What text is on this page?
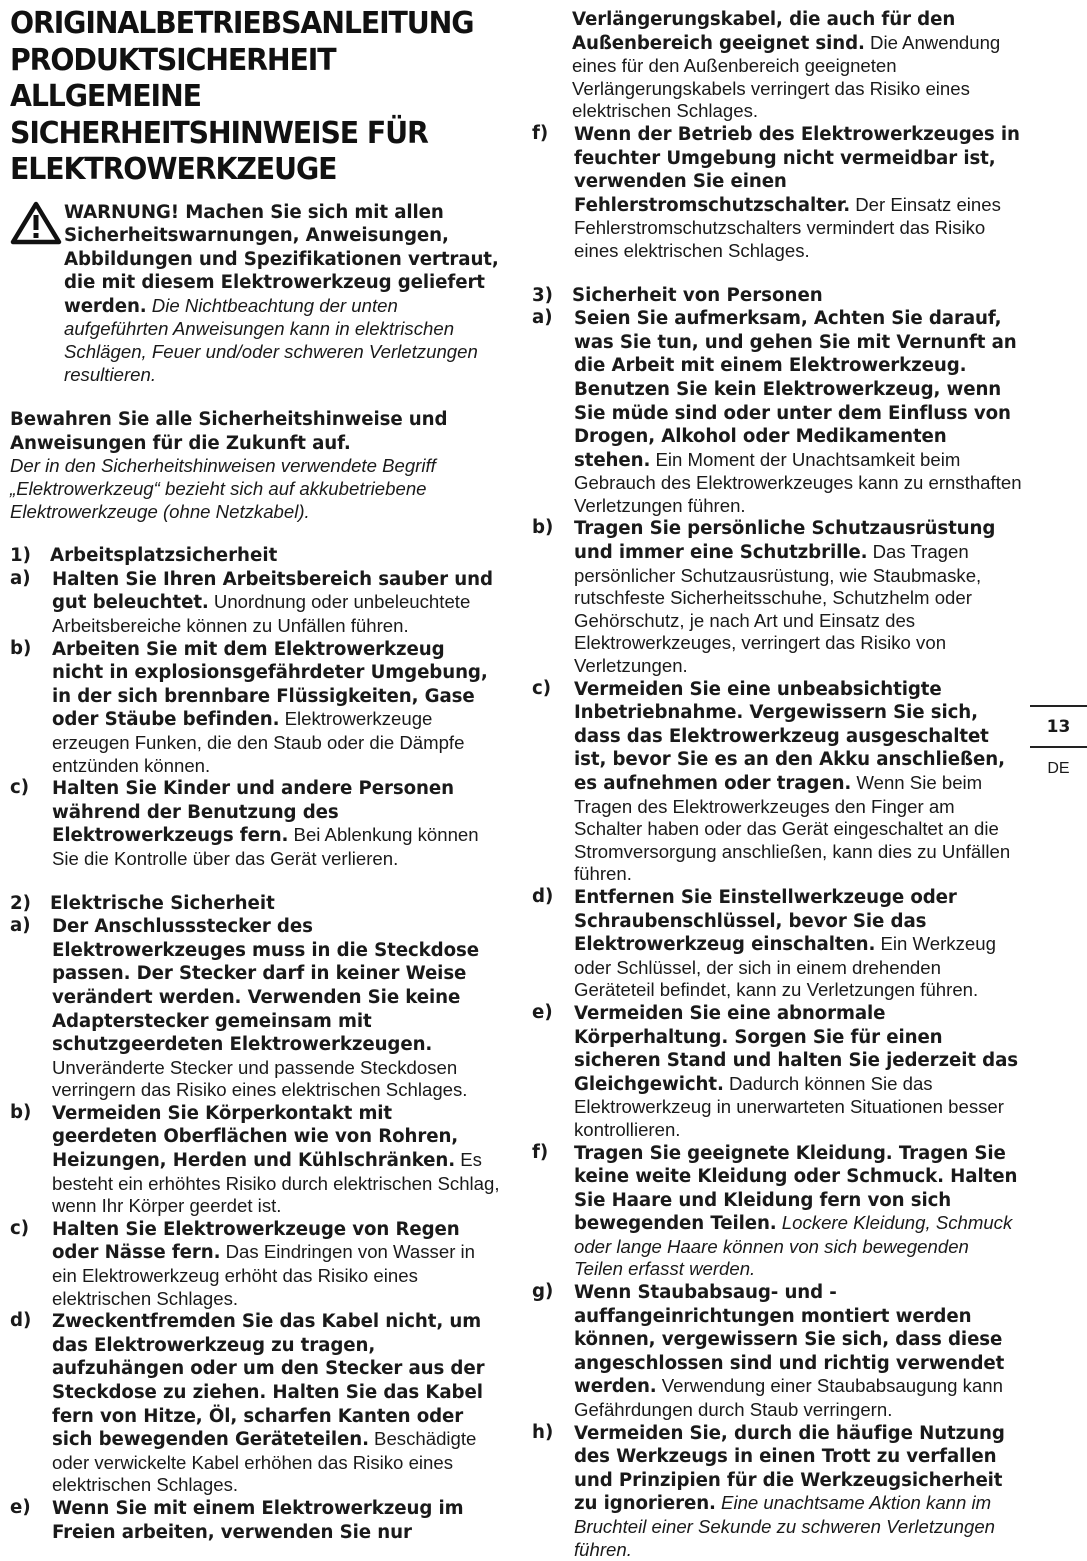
ORIGINALBETRIEBSANLEITUNG
PRODUKTSICHERHEIT
ALLGEMEINE
SICHERHEITSHINWEISE FÜR
ELEKTROWERKZEUGE

WARNUNG! Machen Sie sich mit allen Sicherheitswarnungen, Anweisungen, Abbildungen und Spezifikationen vertraut, die mit diesem Elektrowerkzeug geliefert werden. Die Nichtbeachtung der unten aufgeführten Anweisungen kann in elektrischen Schlägen, Feuer und/oder schweren Verletzungen resultieren.

Bewahren Sie alle Sicherheitshinweise und Anweisungen für die Zukunft auf.
Der in den Sicherheitshinweisen verwendete Begriff „Elektrowerkzeug“ bezieht sich auf akkubetriebene Elektrowerkzeuge (ohne Netzkabel).

1)	Arbeitsplatzsicherheit
a) Halten Sie Ihren Arbeitsbereich sauber und gut beleuchtet. Unordnung oder unbeleuchtete Arbeitsbereiche können zu Unfällen führen.
b) Arbeiten Sie mit dem Elektrowerkzeug nicht in explosionsgefährdeter Umgebung, in der sich brennbare Flüssigkeiten, Gase oder Stäube befinden. Elektrowerkzeuge erzeugen Funken, die den Staub oder die Dämpfe entzünden können.
c) Halten Sie Kinder und andere Personen während der Benutzung des Elektrowerkzeugs fern. Bei Ablenkung können Sie die Kontrolle über das Gerät verlieren.
2)	Elektrische Sicherheit
a) Der Anschlussstecker des Elektrowerkzeuges muss in die Steckdose passen. Der Stecker darf in keiner Weise verändert werden. Verwenden Sie keine Adapterstecker gemeinsam mit schutzgeerdeten Elektrowerkzeugen. Unveränderte Stecker und passende Steckdosen verringern das Risiko eines elektrischen Schlages.
b) Vermeiden Sie Körperkontakt mit geerdeten Oberflächen wie von Rohren, Heizungen, Herden und Kühlschränken. Es besteht ein erhöhtes Risiko durch elektrischen Schlag, wenn Ihr Körper geerdet ist.
c) Halten Sie Elektrowerkzeuge von Regen oder Nässe fern. Das Eindringen von Wasser in ein Elektrowerkzeug erhöht das Risiko eines elektrischen Schlages.
d) Zweckentfremden Sie das Kabel nicht, um das Elektrowerkzeug zu tragen, aufzuhängen oder um den Stecker aus der Steckdose zu ziehen. Halten Sie das Kabel fern von Hitze, Öl, scharfen Kanten oder sich bewegenden Geräteteilen. Beschädigte oder verwickelte Kabel erhöhen das Risiko eines elektrischen Schlages.
e) Wenn Sie mit einem Elektrowerkzeug im Freien arbeiten, verwenden Sie nur
Verlängerungskabel, die auch für den Außenbereich geeignet sind. Die Anwendung eines für den Außenbereich geeigneten Verlängerungskabels verringert das Risiko eines elektrischen Schlages.
f) Wenn der Betrieb des Elektrowerkzeuges in feuchter Umgebung nicht vermeidbar ist, verwenden Sie einen Fehlerstromschutzschalter. Der Einsatz eines Fehlerstromschutzschalters vermindert das Risiko eines elektrischen Schlages.
3)	Sicherheit von Personen
a) Seien Sie aufmerksam, Achten Sie darauf, was Sie tun, und gehen Sie mit Vernunft an die Arbeit mit einem Elektrowerkzeug. Benutzen Sie kein Elektrowerkzeug, wenn Sie müde sind oder unter dem Einfluss von Drogen, Alkohol oder Medikamenten stehen. Ein Moment der Unachtsamkeit beim Gebrauch des Elektrowerkzeuges kann zu ernsthaften Verletzungen führen.
b) Tragen Sie persönliche Schutzausrüstung und immer eine Schutzbrille. Das Tragen persönlicher Schutzausrüstung, wie Staubmaske, rutschfeste Sicherheitsschuhe, Schutzhelm oder Gehörschutz, je nach Art und Einsatz des Elektrowerkzeuges, verringert das Risiko von Verletzungen.
c) Vermeiden Sie eine unbeabsichtigte Inbetriebnahme. Vergewissern Sie sich, dass das Elektrowerkzeug ausgeschaltet ist, bevor Sie es an den Akku anschließen, es aufnehmen oder tragen. Wenn Sie beim Tragen des Elektrowerkzeuges den Finger am Schalter haben oder das Gerät eingeschaltet an die Stromversorgung anschließen, kann dies zu Unfällen führen.
d) Entfernen Sie Einstellwerkzeuge oder Schraubenschlüssel, bevor Sie das Elektrowerkzeug einschalten. Ein Werkzeug oder Schlüssel, der sich in einem drehenden Geräteteil befindet, kann zu Verletzungen führen.
e) Vermeiden Sie eine abnormale Körperhaltung. Sorgen Sie für einen sicheren Stand und halten Sie jederzeit das Gleichgewicht. Dadurch können Sie das Elektrowerkzeug in unerwarteten Situationen besser kontrollieren.
f) Tragen Sie geeignete Kleidung. Tragen Sie keine weite Kleidung oder Schmuck. Halten Sie Haare und Kleidung fern von sich bewegenden Teilen. Lockere Kleidung, Schmuck oder lange Haare können von sich bewegenden Teilen erfasst werden.
g) Wenn Staubabsaug- und -auffangeinrichtungen montiert werden können, vergewissern Sie sich, dass diese angeschlossen sind und richtig verwendet werden. Verwendung einer Staubabsaugung kann Gefährdungen durch Staub verringern.
h) Vermeiden Sie, durch die häufige Nutzung des Werkzeugs in einen Trott zu verfallen und Prinzipien für die Werkzeugsicherheit zu ignorieren. Eine unachtsame Aktion kann im Bruchteil einer Sekunde zu schweren Verletzungen führen.
13
DE
